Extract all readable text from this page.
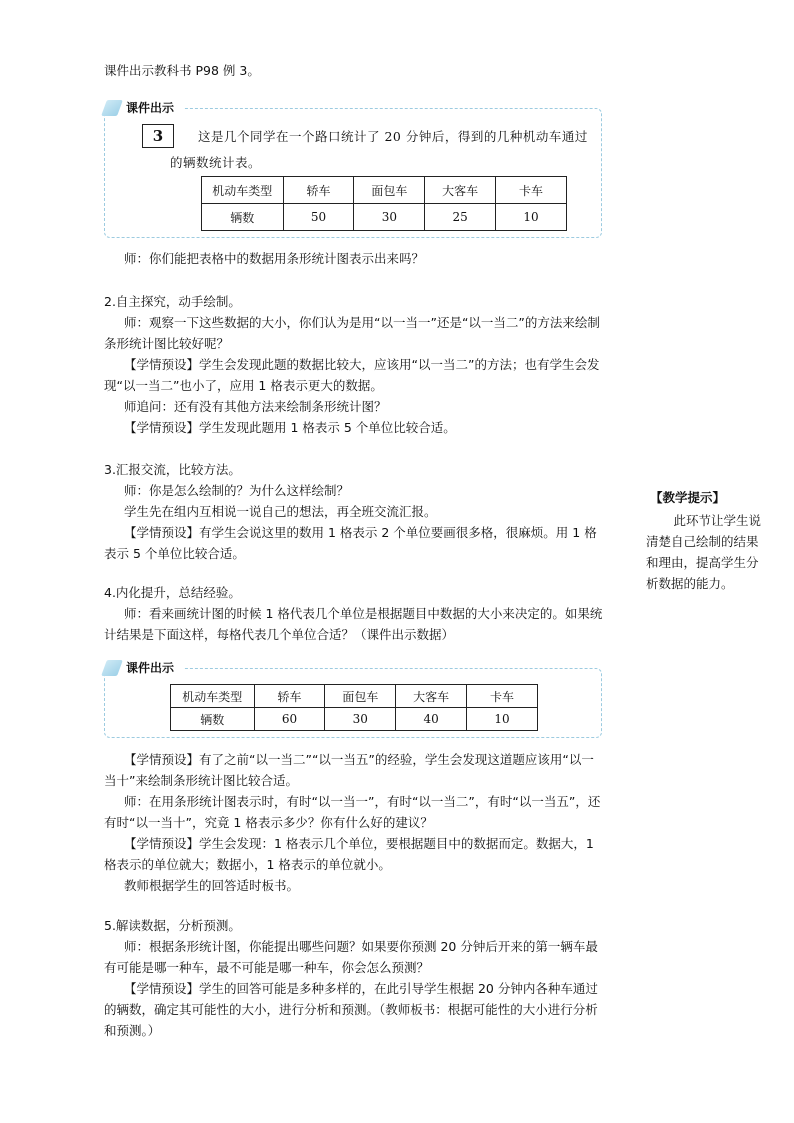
课件出示教科书 P98 例 3。

课件出示
3	这是几个同学在一个路口统计了 20 分钟后，得到的几种机动车通过的辆数统计表。
机动车类型	轿车	面包车	大客车	卡车
辆数	50	30	25	10

师：你们能把表格中的数据用条形统计图表示出来吗？

2.自主探究，动手绘制。

师：观察一下这些数据的大小，你们认为是用“以一当一”还是“以一当二”的方法来绘制条形统计图比较好呢？

【学情预设】学生会发现此题的数据比较大，应该用“以一当二”的方法；也有学生会发现“以一当二”也小了，应用 1 格表示更大的数据。

师追问：还有没有其他方法来绘制条形统计图？

【学情预设】学生发现此题用 1 格表示 5 个单位比较合适。

3.汇报交流，比较方法。

师：你是怎么绘制的？为什么这样绘制？

学生先在组内互相说一说自己的想法，再全班交流汇报。

【学情预设】有学生会说这里的数用 1 格表示 2 个单位要画很多格，很麻烦。用 1 格表示 5 个单位比较合适。

4.内化提升，总结经验。

师：看来画统计图的时候 1 格代表几个单位是根据题目中数据的大小来决定的。如果统计结果是下面这样，每格代表几个单位合适？（课件出示数据）

课件出示
机动车类型	轿车	面包车	大客车	卡车
辆数	60	30	40	10

【学情预设】有了之前“以一当二”“以一当五”的经验，学生会发现这道题应该用“以一当十”来绘制条形统计图比较合适。

师：在用条形统计图表示时，有时“以一当一”，有时“以一当二”，有时“以一当五”，还有时“以一当十”，究竟 1 格表示多少？你有什么好的建议？

【学情预设】学生会发现：1 格表示几个单位，要根据题目中的数据而定。数据大，1 格表示的单位就大；数据小，1 格表示的单位就小。

教师根据学生的回答适时板书。

5.解读数据，分析预测。

师：根据条形统计图，你能提出哪些问题？如果要你预测 20 分钟后开来的第一辆车最有可能是哪一种车，最不可能是哪一种车，你会怎么预测？

【学情预设】学生的回答可能是多种多样的，在此引导学生根据 20 分钟内各种车通过的辆数，确定其可能性的大小，进行分析和预测。（教师板书：根据可能性的大小进行分析和预测。）

【教学提示】
此环节让学生说清楚自己绘制的结果和理由，提高学生分析数据的能力。
